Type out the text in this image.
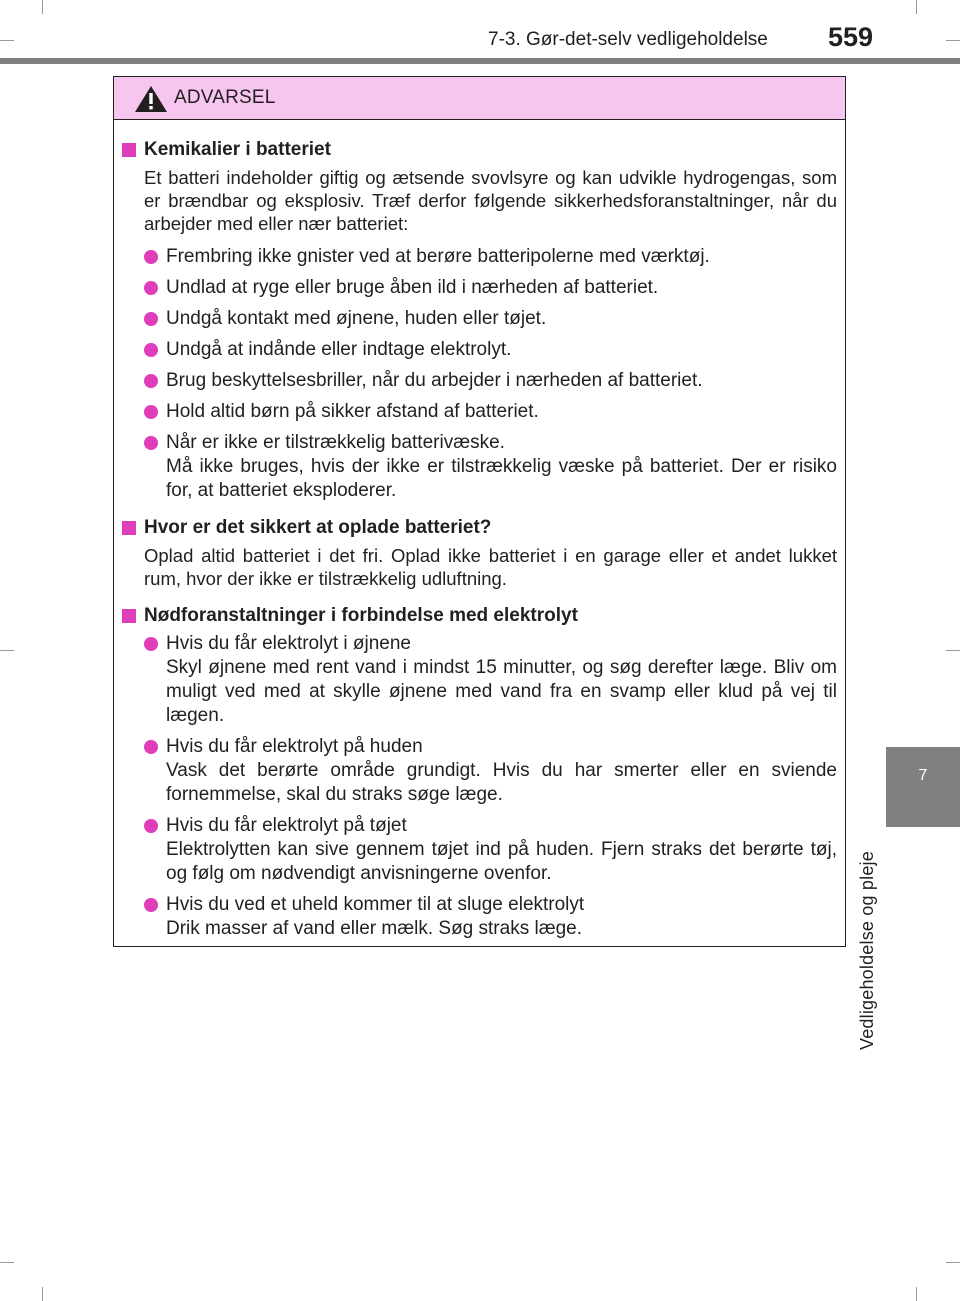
7-3. Gør-det-selv vedligeholdelse 559
7
Vedligeholdelse og pleje
ADVARSEL
Kemikalier i batteriet
Et batteri indeholder giftig og ætsende svovlsyre og kan udvikle hydrogengas, som er brændbar og eksplosiv. Træf derfor følgende sikkerhedsforanstaltninger, når du arbejder med eller nær batteriet:
Frembring ikke gnister ved at berøre batteripolerne med værktøj.
Undlad at ryge eller bruge åben ild i nærheden af batteriet.
Undgå kontakt med øjnene, huden eller tøjet.
Undgå at indånde eller indtage elektrolyt.
Brug beskyttelsesbriller, når du arbejder i nærheden af batteriet.
Hold altid børn på sikker afstand af batteriet.
Når er ikke er tilstrækkelig batterivæske.
Må ikke bruges, hvis der ikke er tilstrækkelig væske på batteriet. Der er risiko for, at batteriet eksploderer.
Hvor er det sikkert at oplade batteriet?
Oplad altid batteriet i det fri. Oplad ikke batteriet i en garage eller et andet lukket rum, hvor der ikke er tilstrækkelig udluftning.
Nødforanstaltninger i forbindelse med elektrolyt
Hvis du får elektrolyt i øjnene
Skyl øjnene med rent vand i mindst 15 minutter, og søg derefter læge. Bliv om muligt ved med at skylle øjnene med vand fra en svamp eller klud på vej til lægen.
Hvis du får elektrolyt på huden
Vask det berørte område grundigt. Hvis du har smerter eller en sviende fornemmelse, skal du straks søge læge.
Hvis du får elektrolyt på tøjet
Elektrolytten kan sive gennem tøjet ind på huden. Fjern straks det berørte tøj, og følg om nødvendigt anvisningerne ovenfor.
Hvis du ved et uheld kommer til at sluge elektrolyt
Drik masser af vand eller mælk. Søg straks læge.
